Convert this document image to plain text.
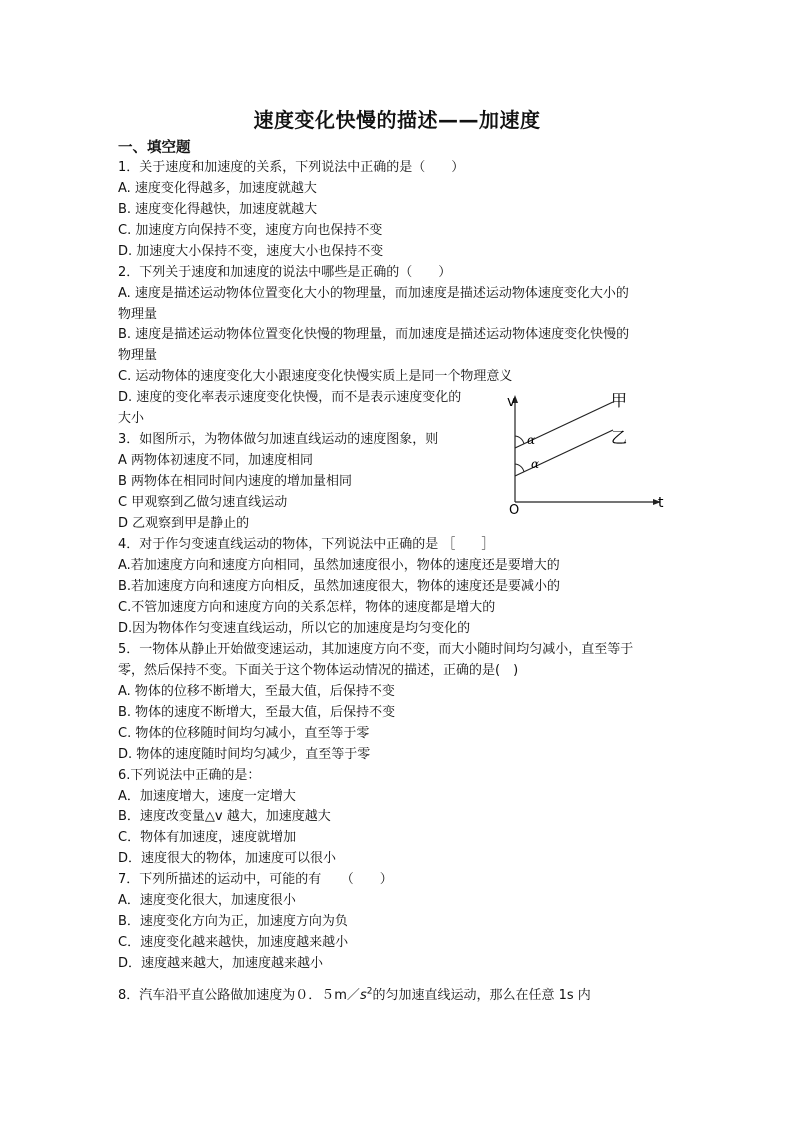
速度变化快慢的描述——加速度
一、填空题
1．关于速度和加速度的关系，下列说法中正确的是（　　）
A. 速度变化得越多，加速度就越大
B. 速度变化得越快，加速度就越大
C. 加速度方向保持不变，速度方向也保持不变
D. 加速度大小保持不变，速度大小也保持不变
2．下列关于速度和加速度的说法中哪些是正确的（　　）
A. 速度是描述运动物体位置变化大小的物理量，而加速度是描述运动物体速度变化大小的
物理量
B. 速度是描述运动物体位置变化快慢的物理量，而加速度是描述运动物体速度变化快慢的
物理量
C. 运动物体的速度变化大小跟速度变化快慢实质上是同一个物理意义
D. 速度的变化率表示速度变化快慢，而不是表示速度变化的
大小
3．如图所示，为物体做匀加速直线运动的速度图象，则
A 两物体初速度不同，加速度相同
B 两物体在相同时间内速度的增加量相同
C 甲观察到乙做匀速直线运动
D 乙观察到甲是静止的
4．对于作匀变速直线运动的物体，下列说法中正确的是 ［　　］
A.若加速度方向和速度方向相同，虽然加速度很小，物体的速度还是要增大的
B.若加速度方向和速度方向相反，虽然加速度很大，物体的速度还是要减小的
C.不管加速度方向和速度方向的关系怎样，物体的速度都是增大的
D.因为物体作匀变速直线运动，所以它的加速度是均匀变化的
5．一物体从静止开始做变速运动，其加速度方向不变，而大小随时间均匀减小，直至等于
零，然后保持不变。下面关于这个物体运动情况的描述，正确的是(　)
A. 物体的位移不断增大，至最大值，后保持不变
B. 物体的速度不断增大，至最大值，后保持不变
C. 物体的位移随时间均匀减小，直至等于零
D. 物体的速度随时间均匀减少，直至等于零
6.下列说法中正确的是：
A．加速度增大，速度一定增大
B．速度改变量△v 越大，加速度越大
C．物体有加速度，速度就增加
D．速度很大的物体，加速度可以很小
7．下列所描述的运动中，可能的有　　（　　）
A．速度变化很大，加速度很小
B．速度变化方向为正，加速度方向为负
C．速度变化越来越快，加速度越来越小
D．速度越来越大，加速度越来越小
8．汽车沿平直公路做加速度为０．$5m/s^2$的匀加速直线运动，那么在任意 1s 内
v
t
O
甲
乙
α
α
